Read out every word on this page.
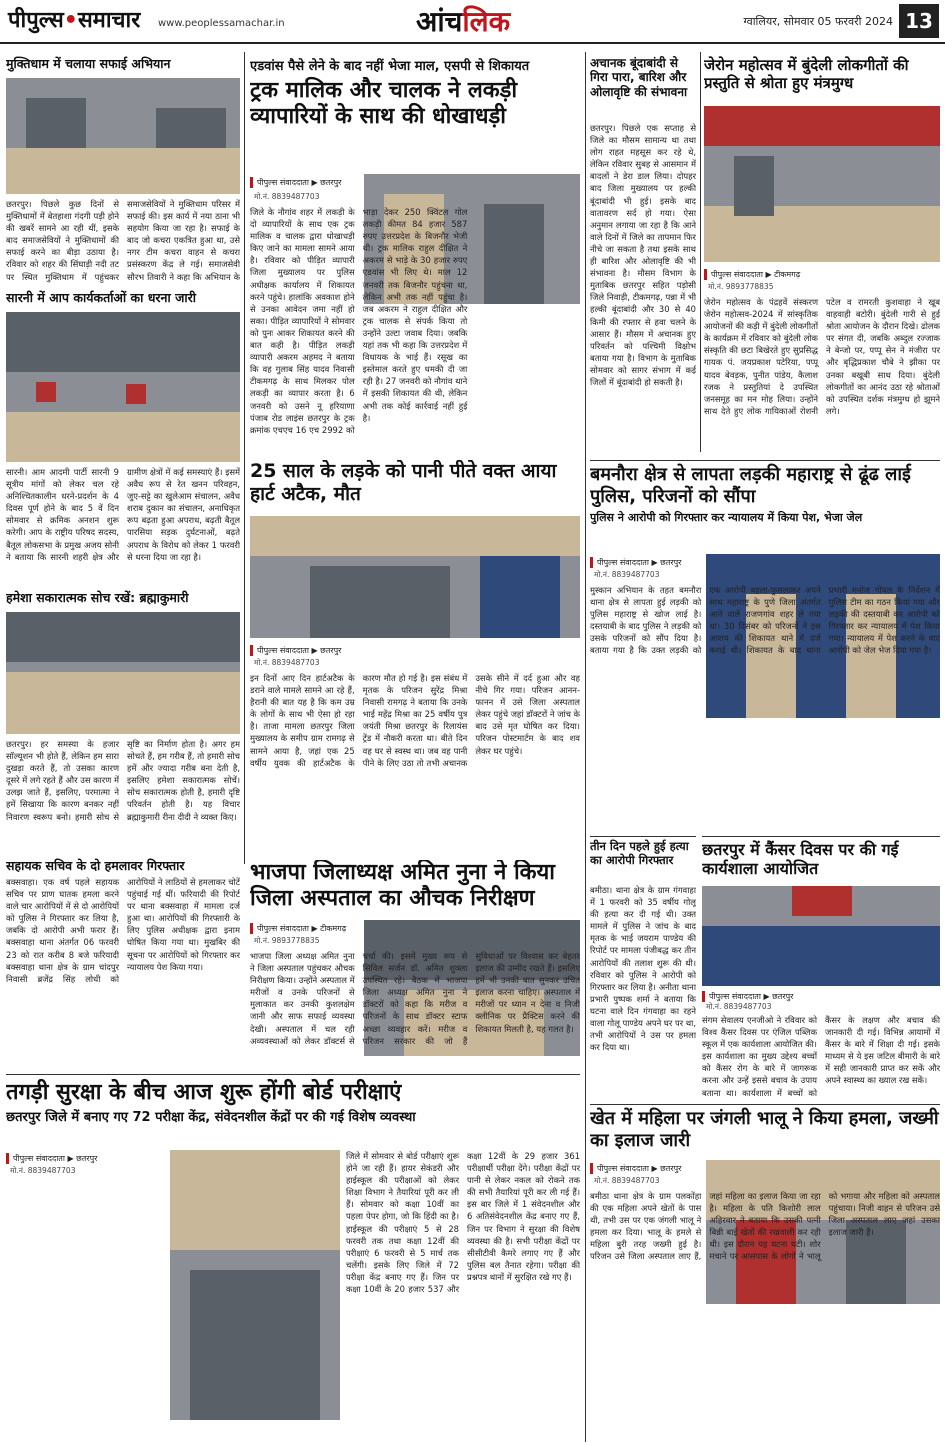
पीपुल्स•समाचार www.peoplessamachar.in	आंचलिक	ग्वालियर, सोमवार 05 फरवरी 2024 13
मुक्तिधाम में चलाया सफाई अभियान
छतरपुर। पिछले कुछ दिनों से मुक्तिधामों में बेतहाशा गंदगी पड़ी होने की खबरें सामने आ रही थीं, इसके बाद समाजसेवियों ने मुक्तिधामों की सफाई करने का बीड़ा उठाया है। रविवार को शहर की सिंघाड़ी नदी तट पर स्थित मुक्तिधाम में पहुंचकर समाजसेवियों ने मुक्तिधाम परिसर में सफाई की। इस कार्य में नया ठाना भी सहयोग किया जा रहा है। सफाई के बाद जो कचरा एकत्रित हुआ था, उसे नगर टीम कचरा वाहन से कचरा प्रसंस्करण केंद्र ले गई। समाजसेवी सौरभ तिवारी ने कहा कि अभियान के
सारनी में आप कार्यकर्ताओं का धरना जारी
सारनी। आम आदमी पार्टी सारनी 9 सूत्रीय मांगों को लेकर चल रहे अनिश्चितकालीन धरने-प्रदर्शन के 4 दिवस पूर्ण होने के बाद 5 वें दिन सोमवार से क्रमिक अनशन शुरू करेगी। आप के राष्ट्रीय परिषद सदस्य, बैतूल लोकसभा के प्रमुख अजय सोनी ने बताया कि सारनी शहरी क्षेत्र और ग्रामीण क्षेत्रों में कई समस्याएं हैं। इसमें अवैध रूप से रेत खनन परिवहन, जुए-सट्टे का खुलेआम संचालन, अवैध शराब दुकान का संचालन, अनाधिकृत रूप बढ़ता हुआ अपराध, बढ़ती बैतूल पारसिया सड़क दुर्घटनाओं, बढ़ते अपराध के विरोध को लेकर 1 फरवरी से धरना दिया जा रहा है।
हमेशा सकारात्मक सोच रखें: ब्रह्माकुमारी
छतरपुर। हर समस्या के हजार सॉल्यूशन भी होते हैं, लेकिन हम सारा दुखड़ा करते हैं, तो उसका कारण दूसरे में लगे रहते हैं और उस कारण में उलझ जाते हैं, इसलिए, परमात्मा ने हमें सिखाया कि कारण बनकर नहीं निवारण स्वरूप बनो। हमारी सोच से सृष्टि का निर्माण होता है। अगर हम सोचते हैं, हम गरीब हैं, तो हमारी सोच हमें और ज्यादा गरीब बना देती है, इसलिए हमेशा सकारात्मक सोचें। सोच सकारात्मक होती है, हमारी दृष्टि परिवर्तन होती है। यह विचार ब्रह्माकुमारी रीना दीदी ने व्यक्त किए।
सहायक सचिव के दो हमलावर गिरफ्तार
बक्सवाहा। एक वर्ष पहले सहायक सचिव पर प्राण घातक हमला करने वाले चार आरोपियों में से दो आरोपियों को पुलिस ने गिरफ्तार कर लिया है, जबकि दो आरोपी अभी फरार हैं। बक्सवाहा थाना अंतर्गत 06 फरवरी 23 को रात करीब 8 बजे फरियादी बक्सवाहा थाना क्षेत्र के ग्राम चांदपुर निवासी ब्रजेंद्र सिंह लोधी को आरोपियों ने लाठियों से हमलाकर चोटें पहुंचाई गई थीं। फरियादी की रिपोर्ट पर थाना बक्सवाहा में मामला दर्ज हुआ था। आरोपियों की गिरफ्तारी के लिए पुलिस अधीक्षक द्वारा इनाम घोषित किया गया था। मुखबिर की सूचना पर आरोपियों को गिरफ्तार कर न्यायालय पेश किया गया।
एडवांस पैसे लेने के बाद नहीं भेजा माल, एसपी से शिकायत
ट्रक मालिक और चालक ने लकड़ी व्यापारियों के साथ की धोखाधड़ी
पीपुल्स संवाददाता ▶ छतरपुर
मो.नं. 8839487703
जिले के नौगांव शहर में लकड़ी के दो व्यापारियों के साथ एक ट्रक मालिक व चालक द्वारा धोखाधड़ी किए जाने का मामला सामने आया है। रविवार को पीड़ित व्यापारी जिला मुख्यालय पर पुलिस अधीक्षक कार्यालय में शिकायत करने पहुंचे। हालांकि अवकाश होने से उनका आवेदन जमा नहीं हो सका। पीड़ित व्यापारियों ने सोमवार को पुनः आकर शिकायत करने की बात कही है। पीड़ित लकड़ी व्यापारी अकरम अहमद ने बताया कि वह गुलाब सिंह यादव निवासी टीकमगढ़ के साथ मिलकर पोल लकड़ी का व्यापार करता है। 6 जनवरी को उसने नू हरियाणा पंजाब रोड लाइंस छतरपुर के ट्रक क्रमांक एचएच 16 एच 2992 को भाड़ा देकर 250 क्विंटल गोल लकड़ी कीमत 84 हजार 587 रुपए उत्तरप्रदेश के बिजनौर भेजी थी। ट्रक मालिक राहुल दीक्षित ने अकरम से भाड़े के 30 हजार रुपए एडवांस भी लिए थे। माल 12 जनवरी तक बिजनौर पहुंचना था, लेकिन अभी तक नहीं पहुंचा है। जब अकरम ने राहुल दीक्षित और ट्रक चालक से संपर्क किया तो उन्होंने उल्टा जवाब दिया। जबकि यहां तक भी कहा कि उत्तरप्रदेश में विधायक के भाई हैं। रसूख का इस्तेमाल करते हुए धमकी दी जा रही है। 27 जनवरी को नौगांव थाने में इसकी शिकायत की थी, लेकिन अभी तक कोई कार्रवाई नहीं हुई है।
25 साल के लड़के को पानी पीते वक्त आया हार्ट अटैक, मौत
पीपुल्स संवाददाता ▶ छतरपुर
मो.नं. 8839487703
इन दिनों आए दिन हार्टअटैक के डराने वाले मामले सामने आ रहे हैं, हैरानी की बात यह है कि कम उम्र के लोगों के साथ भी ऐसा हो रहा है। ताजा मामला छतरपुर जिला मुख्यालय के समीप ग्राम रामगढ़ से सामने आया है, जहां एक 25 वर्षीय युवक की हार्टअटैक के कारण मौत हो गई है। इस संबंध में मृतक के परिजन सुरेंद्र मिश्रा निवासी रामगढ़ ने बताया कि उनके भाई महेंद्र मिश्रा का 25 वर्षीय पुत्र जयंती मिश्रा छतरपुर के रिलायंस ट्रेंड में नौकरी करता था। बीते दिन वह घर से स्वस्थ था। जब वह पानी पीने के लिए उठा तो तभी अचानक उसके सीने में दर्द हुआ और वह नीचे गिर गया। परिजन आनन-फानन में उसे जिला अस्पताल लेकर पहुंचे जहां डॉक्टरों ने जांच के बाद उसे मृत घोषित कर दिया। परिजन पोस्टमार्टम के बाद शव लेकर घर पहुंचे।
भाजपा जिलाध्यक्ष अमित नुना ने किया जिला अस्पताल का औचक निरीक्षण
पीपुल्स संवाददाता ▶ टीकमगढ़
मो.नं. 9893778835
भाजपा जिला अध्यक्ष अमित नुना ने जिला अस्पताल पहुंचकर औचक निरीक्षण किया। उन्होंने अस्पताल में मरीजों व उनके परिजनों से मुलाकात कर उनकी कुशलक्षेम जानी और साफ सफाई व्यवस्था देखी। अस्पताल में चल रही अव्यवस्थाओं को लेकर डॉक्टर्स से चर्चा की। इसमें मुख्य रूप से सिविल सर्जन डॉ. अमित शुक्ला उपस्थित रहे। बैठक में भाजपा जिला अध्यक्ष अमित नुना ने डॉक्टरों को कहा कि मरीज व परिजनों के साथ डॉक्टर स्टाफ अच्छा व्यवहार करें। मरीज व परिजन सरकार की जो हैं सुविधाओं पर विश्वास कर बेहतर इलाज की उम्मीद रखते हैं। इसलिए हमें भी उनकी बात सुनकर उचित इलाज करना चाहिए। अस्पताल में मरीजों पर ध्यान न देना व निजी क्लीनिक पर प्रैक्टिस करने की शिकायत मिलती है, यह गलत है।
तगड़ी सुरक्षा के बीच आज शुरू होंगी बोर्ड परीक्षाएं
छतरपुर जिले में बनाए गए 72 परीक्षा केंद्र, संवेदनशील केंद्रों पर की गई विशेष व्यवस्था
पीपुल्स संवाददाता ▶ छतरपुर
मो.नं. 8839487703
जिले में सोमवार से बोर्ड परीक्षाएं शुरू होने जा रही हैं। हायर सेकंडरी और हाईस्कूल की परीक्षाओं को लेकर शिक्षा विभाग ने तैयारियां पूरी कर ली हैं। सोमवार को कक्षा 10वीं का पहला पेपर होगा, जो कि हिंदी का है। हाईस्कूल की परीक्षाएं 5 से 28 फरवरी तक तथा कक्षा 12वीं की परीक्षाएं 6 फरवरी से 5 मार्च तक चलेंगी। इसके लिए जिले में 72 परीक्षा केंद्र बनाए गए हैं। जिन पर कक्षा 10वीं के 20 हजार 537 और कक्षा 12वीं के 29 हजार 361 परीक्षार्थी परीक्षा देंगे। परीक्षा केंद्रों पर पानी से लेकर नकल को रोकने तक की सभी तैयारियां पूरी कर ली गई हैं। इस बार जिले में 1 संवेदनशील और 6 अतिसंवेदनशील केंद्र बनाए गए हैं, जिन पर विभाग ने सुरक्षा की विशेष व्यवस्था की है। सभी परीक्षा केंद्रों पर सीसीटीवी कैमरे लगाए गए हैं और पुलिस बल तैनात रहेगा। परीक्षा की प्रश्नपत्र थानों में सुरक्षित रखे गए हैं।
अचानक बूंदाबांदी से गिरा पारा, बारिश और ओलावृष्टि की संभावना
छतरपुर। पिछले एक सप्ताह से जिले का मौसम सामान्य था तथा लोग राहत महसूस कर रहे थे, लेकिन रविवार सुबह से आसमान में बादलों ने डेरा डाल लिया। दोपहर बाद जिला मुख्यालय पर हल्की बूंदाबांदी भी हुई। इसके बाद वातावरण सर्द हो गया। ऐसा अनुमान लगाया जा रहा है कि आने वाले दिनों में जिले का तापमान फिर नीचे जा सकता है तथा इसके साथ ही बारिश और ओलावृष्टि की भी संभावना है। मौसम विभाग के मुताबिक छतरपुर सहित पड़ोसी जिले निवाड़ी, टीकमगढ़, पन्ना में भी हल्की बूंदाबांदी और 30 से 40 किमी की रफ्तार से हवा चलने के आसार हैं। मौसम में अचानक हुए परिवर्तन को पश्चिमी विक्षोभ बताया गया है। विभाग के मुताबिक सोमवार को सागर संभाग में कई जिलों में बूंदाबांदी हो सकती है।
जेरोन महोत्सव में बुंदेली लोकगीतों की प्रस्तुति से श्रोता हुए मंत्रमुग्ध
पीपुल्स संवाददाता ▶ टीकमगढ़
मो.नं. 9893778835
जेरोन महोत्सव के पंद्रहवें संस्करण जेरोन महोत्सव-2024 में सांस्कृतिक आयोजनों की कड़ी में बुंदेली लोकगीतों के कार्यक्रम में रविवार को बुंदेली लोक संस्कृति की छटा बिखेरते हुए सुप्रसिद्ध गायक पं. जयप्रकाश पटेरिया, पप्पू यादव बेवड़क, पुनीत पांडेय, कैलाश रजक ने प्रस्तुतियां दे उपस्थित जनसमूह का मन मोह लिया। उन्होंने साथ देते हुए लोक गायिकाओं रोशनी पटेल व रामरती कुशवाहा ने खूब वाहवाही बटोरी। बुंदेली गारी से हुई श्रोता आयोजन के दौरान दिखे। ढोलक पर संगत दी, जबकि अब्दुल रज्जाक ने बेन्जो पर, पप्पू सेन ने मंजीरा पर और बृद्धिप्रकाश चौबे ने झीका पर उनका बखूबी साथ दिया। बुंदेली लोकगीतों का आनंद उठा रहे श्रोताओं को उपस्थित दर्शक मंत्रमुग्ध हो झूमने लगे।
बमनौरा क्षेत्र से लापता लड़की महाराष्ट्र से ढूंढ लाई पुलिस, परिजनों को सौंपा
पुलिस ने आरोपी को गिरफ्तार कर न्यायालय में किया पेश, भेजा जेल
पीपुल्स संवाददाता ▶ छतरपुर
मो.नं. 8839487703
मुस्कान अभियान के तहत बमनौरा थाना क्षेत्र से लापता हुई लड़की को पुलिस महाराष्ट्र से खोज लाई है। दस्तयाबी के बाद पुलिस ने लड़की को उसके परिजनों को सौंप दिया है। बताया गया है कि उक्त लड़की को एक आरोपी बहला-फुसलाकर अपने साथ महाराष्ट्र के पुणे जिला अंतर्गत आने वाले राजणगांव शहर ले गया था। 30 दिसंबर को परिजनों ने इस आशय की शिकायत थाने में दर्ज कराई थी। शिकायत के बाद थाना प्रभारी मनोज गोयल के निर्देशन में पुलिस टीम का गठन किया गया और लड़की की दस्तयाबी कर आरोपी को गिरफ्तार कर न्यायालय में पेश किया गया। न्यायालय में पेश करने के बाद आरोपी को जेल भेज दिया गया है।
तीन दिन पहले हुई हत्या का आरोपी गिरफ्तार
बमीठा। थाना क्षेत्र के ग्राम गंगवाहा में 1 फरवरी को 35 वर्षीय गोलू की हत्या कर दी गई थी। उक्त मामले में पुलिस ने जांच के बाद मृतक के भाई जयराम पाण्डेय की रिपोर्ट पर मामला पंजीबद्ध कर तीन आरोपियों की तलाश शुरू की थी। रविवार को पुलिस ने आरोपी को गिरफ्तार कर लिया है। अनीता थाना प्रभारी पुष्पक शर्मा ने बताया कि घटना वाले दिन गंगवाहा का रहने वाला गोलू पाण्डेय अपने घर पर था, तभी आरोपियों ने उस पर हमला कर दिया था।
छतरपुर में कैंसर दिवस पर की गई कार्यशाला आयोजित
पीपुल्स संवाददाता ▶ छतरपुर
मो.नं. 8839487703
संगम सेवालय एनजीओ ने रविवार को विश्व कैंसर दिवस पर एंजिल पब्लिक स्कूल में एक कार्यशाला आयोजित की। इस कार्यशाला का मुख्य उद्देश्य बच्चों को कैंसर रोग के बारे में जागरूक करना और उन्हें इससे बचाव के उपाय बताना था। कार्यशाला में बच्चों को कैंसर के लक्षण और बचाव की जानकारी दी गई। विभिन्न आयामों में कैंसर के बारे में शिक्षा दी गई। इसके माध्यम से ये इस जटिल बीमारी के बारे में सही जानकारी प्राप्त कर सकें और अपने स्वास्थ्य का ख्याल रख सकें।
खेत में महिला पर जंगली भालू ने किया हमला, जख्मी का इलाज जारी
पीपुल्स संवाददाता ▶ छतरपुर
मो.नं. 8839487703
बमीठा थाना क्षेत्र के ग्राम पलकोंहा की एक महिला अपने खेतों के पास थी, तभी उस पर एक जंगली भालू ने हमला कर दिया। भालू के हमले से महिला बुरी तरह जख्मी हुई है। परिजन उसे जिला अस्पताल लाए हैं, जहां महिला का इलाज किया जा रहा है। महिला के पति किशोरी लाल अहिरवार ने बताया कि उसकी पत्नी बिन्नी बाई खेतों की रखवाली कर रही थी। इस दौरान यह घटना घटी। शोर मचाने पर आसपास के लोगों ने भालू को भगाया और महिला को अस्पताल पहुंचाया। निजी वाहन से परिजन उसे जिला अस्पताल लाए जहां उसका इलाज जारी है।
